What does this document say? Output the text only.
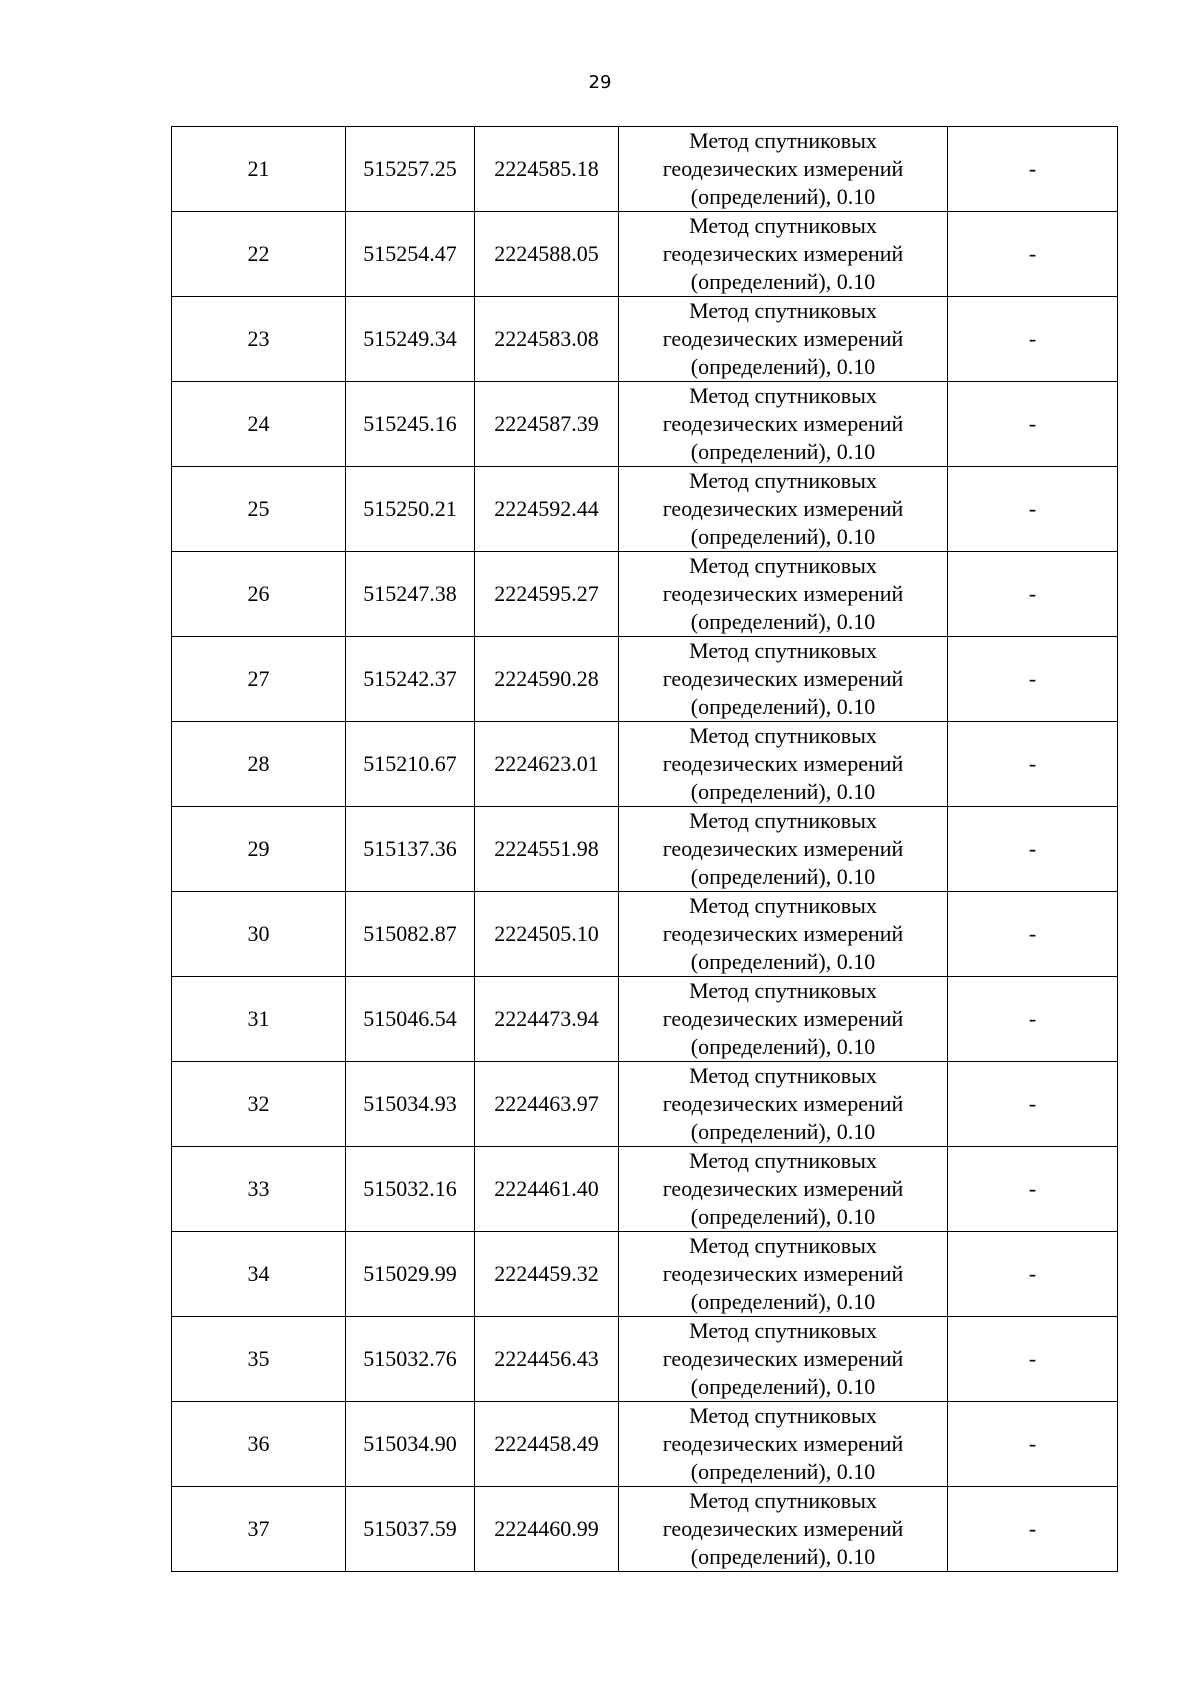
29
21	515257.25	2224585.18	Метод спутниковых
геодезических измерений
(определений), 0.10	-
22	515254.47	2224588.05	Метод спутниковых
геодезических измерений
(определений), 0.10	-
23	515249.34	2224583.08	Метод спутниковых
геодезических измерений
(определений), 0.10	-
24	515245.16	2224587.39	Метод спутниковых
геодезических измерений
(определений), 0.10	-
25	515250.21	2224592.44	Метод спутниковых
геодезических измерений
(определений), 0.10	-
26	515247.38	2224595.27	Метод спутниковых
геодезических измерений
(определений), 0.10	-
27	515242.37	2224590.28	Метод спутниковых
геодезических измерений
(определений), 0.10	-
28	515210.67	2224623.01	Метод спутниковых
геодезических измерений
(определений), 0.10	-
29	515137.36	2224551.98	Метод спутниковых
геодезических измерений
(определений), 0.10	-
30	515082.87	2224505.10	Метод спутниковых
геодезических измерений
(определений), 0.10	-
31	515046.54	2224473.94	Метод спутниковых
геодезических измерений
(определений), 0.10	-
32	515034.93	2224463.97	Метод спутниковых
геодезических измерений
(определений), 0.10	-
33	515032.16	2224461.40	Метод спутниковых
геодезических измерений
(определений), 0.10	-
34	515029.99	2224459.32	Метод спутниковых
геодезических измерений
(определений), 0.10	-
35	515032.76	2224456.43	Метод спутниковых
геодезических измерений
(определений), 0.10	-
36	515034.90	2224458.49	Метод спутниковых
геодезических измерений
(определений), 0.10	-
37	515037.59	2224460.99	Метод спутниковых
геодезических измерений
(определений), 0.10	-
